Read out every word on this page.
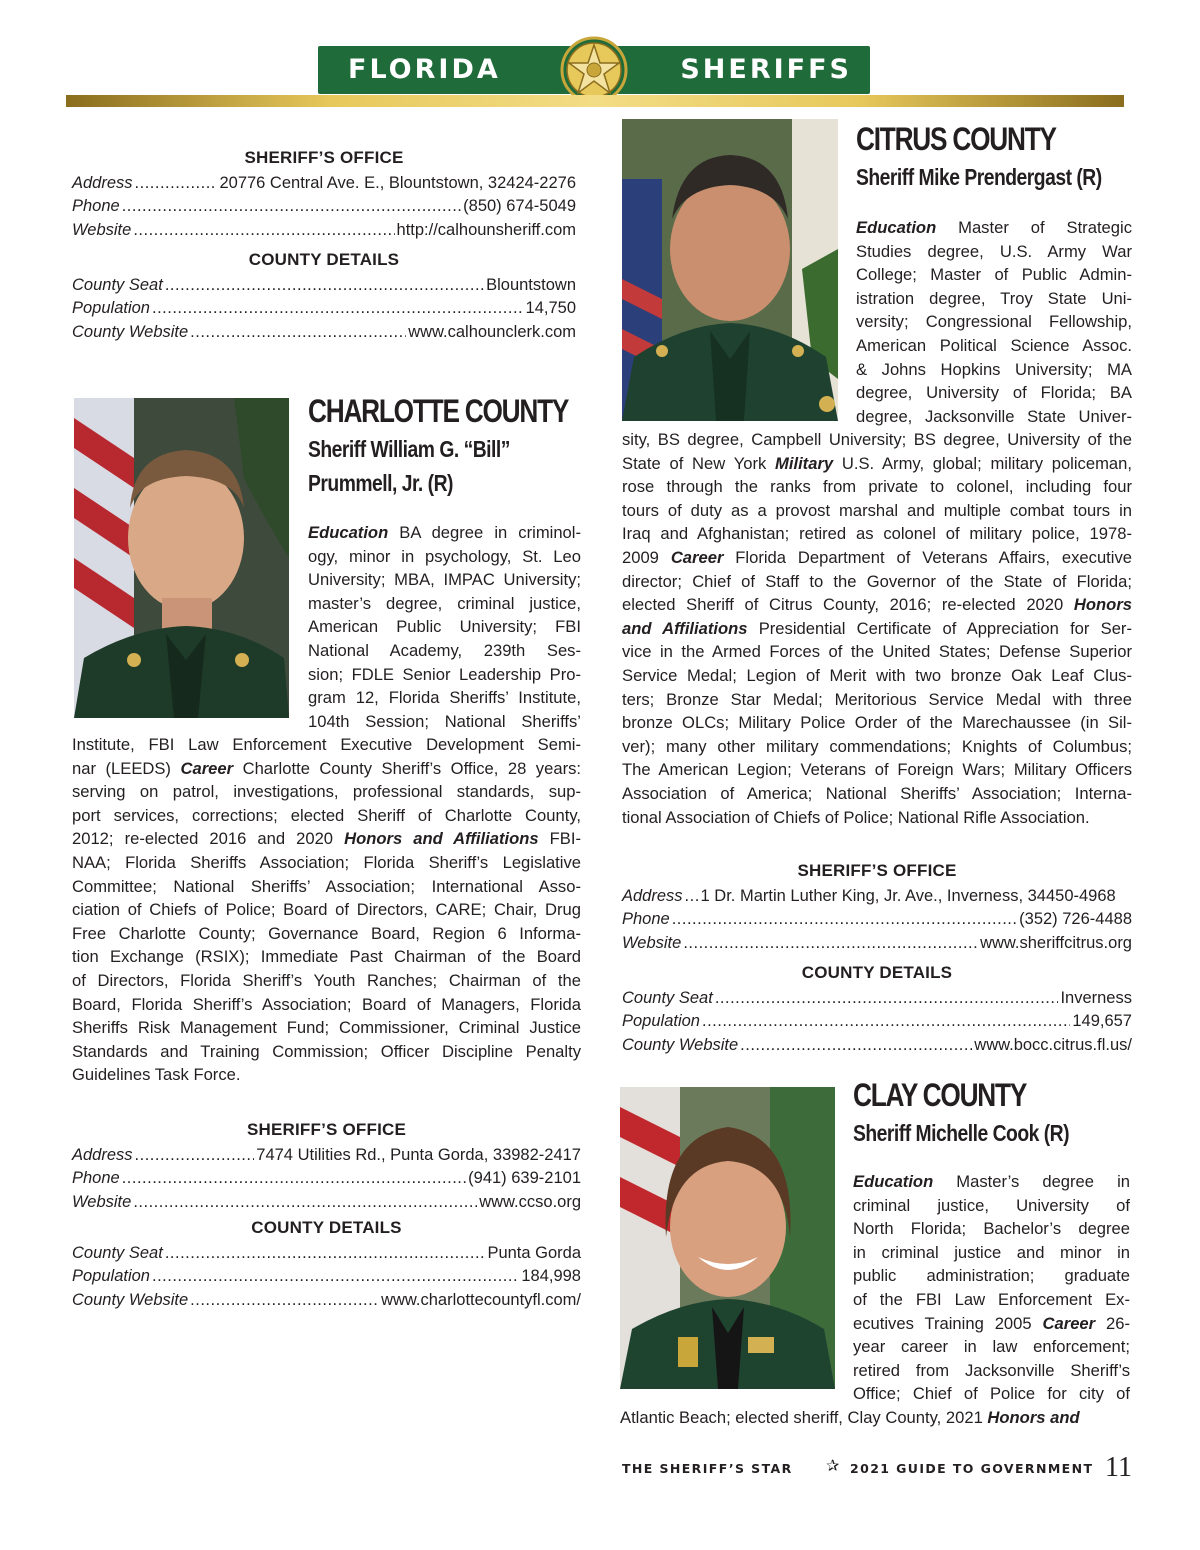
FLORIDA	SHERIFFS
SHERIFF’S OFFICE
Address .....	20776 Central Ave. E., Blountstown, 32424-2276
Phone .....	(850) 674-5049
Website .....	http://calhounsheriff.com
COUNTY DETAILS
County Seat .....	Blountstown
Population .....	14,750
County Website .....	www.calhounclerk.com
CHARLOTTE COUNTY
Sheriff William G. “Bill”
Prummell, Jr. (R)
Education BA degree in criminol-
ogy, minor in psychology, St. Leo
University; MBA, IMPAC University;
master’s degree, criminal justice,
American Public University; FBI
National Academy, 239th Ses-
sion; FDLE Senior Leadership Pro-
gram 12, Florida Sheriffs’ Institute,
104th Session; National Sheriffs’
Institute, FBI Law Enforcement Executive Development Semi-
nar (LEEDS) Career Charlotte County Sheriff’s Office, 28 years:
serving on patrol, investigations, professional standards, sup-
port services, corrections; elected Sheriff of Charlotte County,
2012; re-elected 2016 and 2020 Honors and Affiliations FBI-
NAA; Florida Sheriffs Association; Florida Sheriff’s Legislative
Committee; National Sheriffs’ Association; International Asso-
ciation of Chiefs of Police; Board of Directors, CARE; Chair, Drug
Free Charlotte County; Governance Board, Region 6 Informa-
tion Exchange (RSIX); Immediate Past Chairman of the Board
of Directors, Florida Sheriff’s Youth Ranches; Chairman of the
Board, Florida Sheriff’s Association; Board of Managers, Florida
Sheriffs Risk Management Fund; Commissioner, Criminal Justice
Standards and Training Commission; Officer Discipline Penalty
Guidelines Task Force.
SHERIFF’S OFFICE
Address .....	7474 Utilities Rd., Punta Gorda, 33982-2417
Phone .....	(941) 639-2101
Website .....	www.ccso.org
COUNTY DETAILS
County Seat .....	Punta Gorda
Population .....	184,998
County Website .....	www.charlottecountyfl.com/
CITRUS COUNTY
Sheriff Mike Prendergast (R)
Education Master of Strategic
Studies degree, U.S. Army War
College; Master of Public Admin-
istration degree, Troy State Uni-
versity; Congressional Fellowship,
American Political Science Assoc.
& Johns Hopkins University; MA
degree, University of Florida; BA
degree, Jacksonville State Univer-
sity, BS degree, Campbell University; BS degree, University of the
State of New York Military U.S. Army, global; military policeman,
rose through the ranks from private to colonel, including four
tours of duty as a provost marshal and multiple combat tours in
Iraq and Afghanistan; retired as colonel of military police, 1978-
2009 Career Florida Department of Veterans Affairs, executive
director; Chief of Staff to the Governor of the State of Florida;
elected Sheriff of Citrus County, 2016; re-elected 2020 Honors
and Affiliations Presidential Certificate of Appreciation for Ser-
vice in the Armed Forces of the United States; Defense Superior
Service Medal; Legion of Merit with two bronze Oak Leaf Clus-
ters; Bronze Star Medal; Meritorious Service Medal with three
bronze OLCs; Military Police Order of the Marechaussee (in Sil-
ver); many other military commendations; Knights of Columbus;
The American Legion; Veterans of Foreign Wars; Military Officers
Association of America; National Sheriffs’ Association; Interna-
tional Association of Chiefs of Police; National Rifle Association.
SHERIFF’S OFFICE
Address ..... 1 Dr. Martin Luther King, Jr. Ave., Inverness, 34450-4968
Phone .....	(352) 726-4488
Website .....	www.sheriffcitrus.org
COUNTY DETAILS
County Seat .....	Inverness
Population .....	149,657
County Website .....	www.bocc.citrus.fl.us/
CLAY COUNTY
Sheriff Michelle Cook (R)
Education Master’s degree in
criminal justice, University of
North Florida; Bachelor’s degree
in criminal justice and minor in
public administration; graduate
of the FBI Law Enforcement Ex-
ecutives Training 2005 Career 26-
year career in law enforcement;
retired from Jacksonville Sheriff’s
Office; Chief of Police for city of
Atlantic Beach; elected sheriff, Clay County, 2021 Honors and
THE SHERIFF’S STAR ✰ 2021 GUIDE TO GOVERNMENT 11
